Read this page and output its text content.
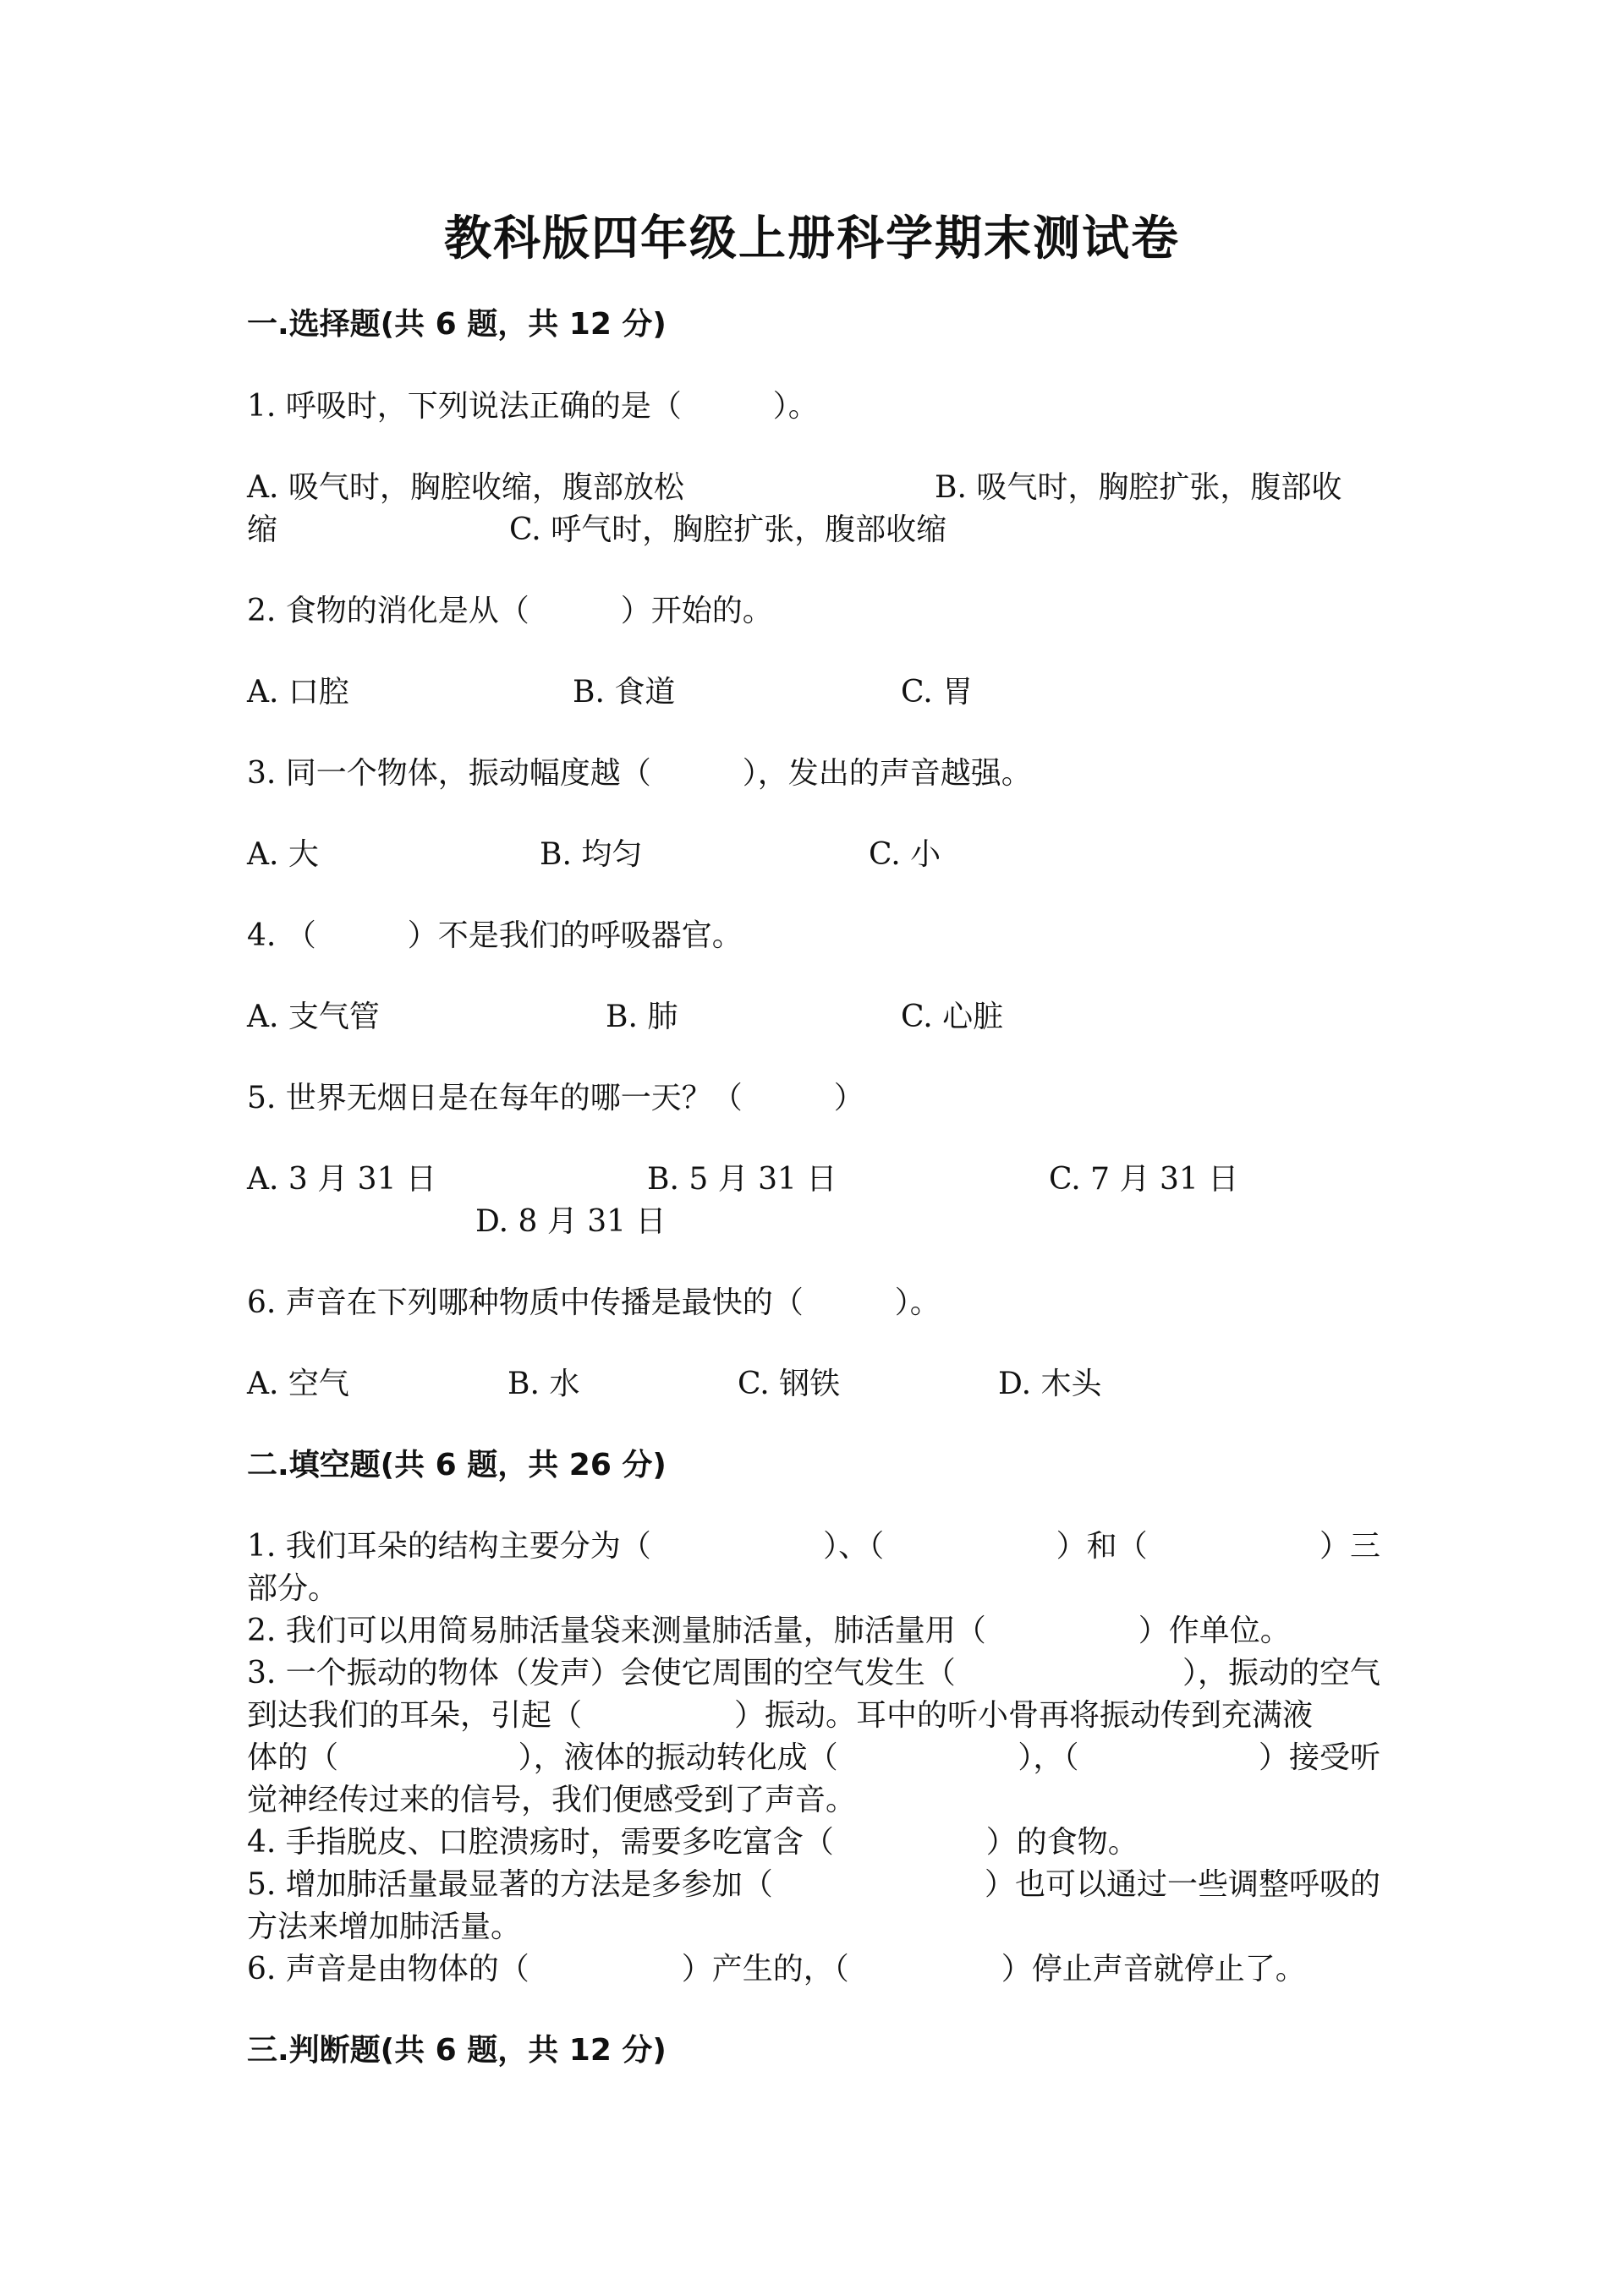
教科版四年级上册科学期末测试卷
一.选择题(共 6 题，共 12 分)
1. 呼吸时，下列说法正确的是（　　　）。
A. 吸气时，胸腔收缩，腹部放松	B. 吸气时，胸腔扩张，腹部收
缩	C. 呼气时，胸腔扩张，腹部收缩
2. 食物的消化是从（　　　）开始的。
A. 口腔	B. 食道	C. 胃
3. 同一个物体，振动幅度越（　　　），发出的声音越强。
A. 大	B. 均匀	C. 小
4. （　　　）不是我们的呼吸器官。
A. 支气管	B. 肺	C. 心脏
5. 世界无烟日是在每年的哪一天？（　　　）
A. 3 月 31 日	B. 5 月 31 日	C. 7 月 31 日
D. 8 月 31 日
6. 声音在下列哪种物质中传播是最快的（　　　）。
A. 空气	B. 水	C. 钢铁	D. 木头
二.填空题(共 6 题，共 26 分)
1. 我们耳朵的结构主要分为（	）、（	）和（	）三
部分。
2. 我们可以用简易肺活量袋来测量肺活量，肺活量用（　　　　　）作单位。
3. 一个振动的物体（发声）会使它周围的空气发生（	），振动的空气
到达我们的耳朵，引起（　　　　　）振动。耳中的听小骨再将振动传到充满液
体的（	），液体的振动转化成（	），（	）接受听
觉神经传过来的信号，我们便感受到了声音。
4. 手指脱皮、口腔溃疡时，需要多吃富含（　　　　　）的食物。
5. 增加肺活量最显著的方法是多参加（	）也可以通过一些调整呼吸的
方法来增加肺活量。
6. 声音是由物体的（　　　　　）产生的，（　　　　　）停止声音就停止了。
三.判断题(共 6 题，共 12 分)
